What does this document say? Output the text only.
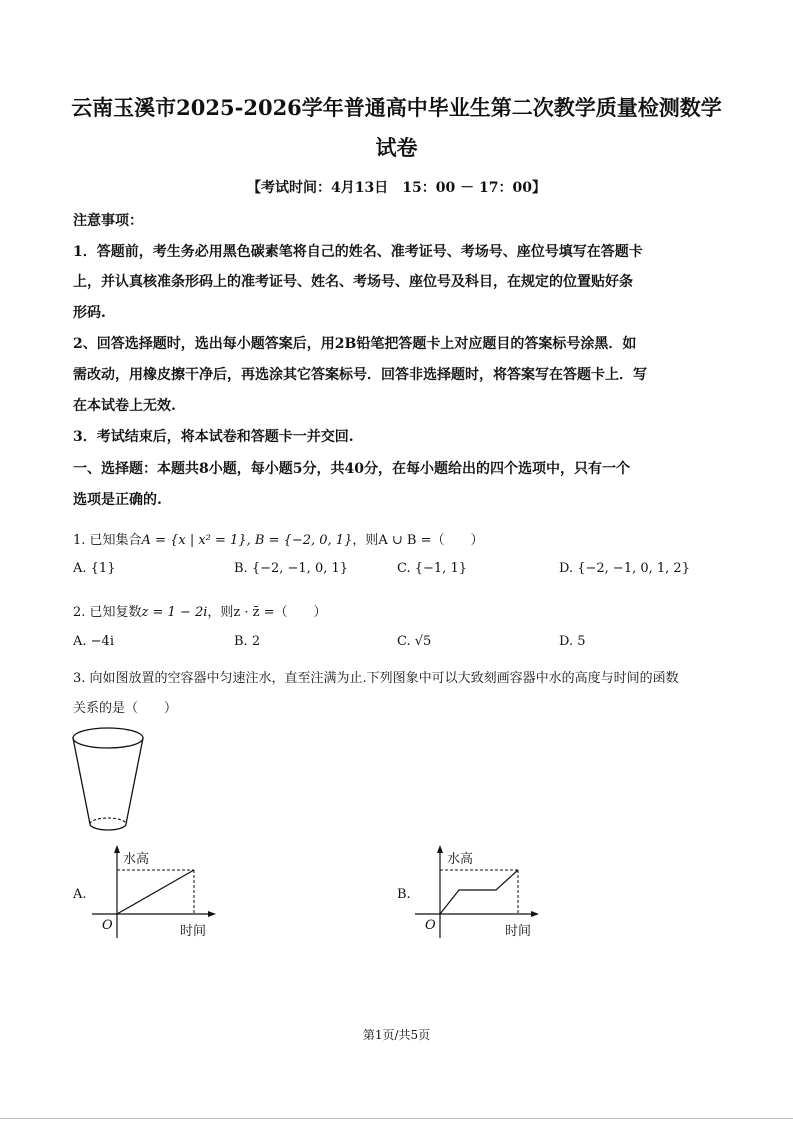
云南玉溪市2025-2026学年普通高中毕业生第二次教学质量检测数学
试卷
【考试时间：4月13日　15：00 － 17：00】
注意事项：
1．答题前，考生务必用黑色碳素笔将自己的姓名、准考证号、考场号、座位号填写在答题卡
上，并认真核准条形码上的准考证号、姓名、考场号、座位号及科目，在规定的位置贴好条
形码.
2、回答选择题时，选出每小题答案后，用2B铅笔把答题卡上对应题目的答案标号涂黑．如
需改动，用橡皮擦干净后，再选涂其它答案标号．回答非选择题时，将答案写在答题卡上．写
在本试卷上无效.
3．考试结束后，将本试卷和答题卡一并交回.
一、选择题：本题共8小题，每小题5分，共40分，在每小题给出的四个选项中，只有一个
选项是正确的.
1. 已知集合A = {x | x² = 1}, B = {−2, 0, 1}，则A ∪ B =（　　）
A. {1}	B. {−2, −1, 0, 1}	C. {−1, 1}	D. {−2, −1, 0, 1, 2}
2. 已知复数z = 1 − 2i，则z · z̄ =（　　）
A. −4i	B. 2	C. √5	D. 5
3. 向如图放置的空容器中匀速注水，直至注满为止.下列图象中可以大致刻画容器中水的高度与时间的函数
关系的是（　　）
A.
水高
时间
O
B.
水高
时间
O
第1页/共5页
